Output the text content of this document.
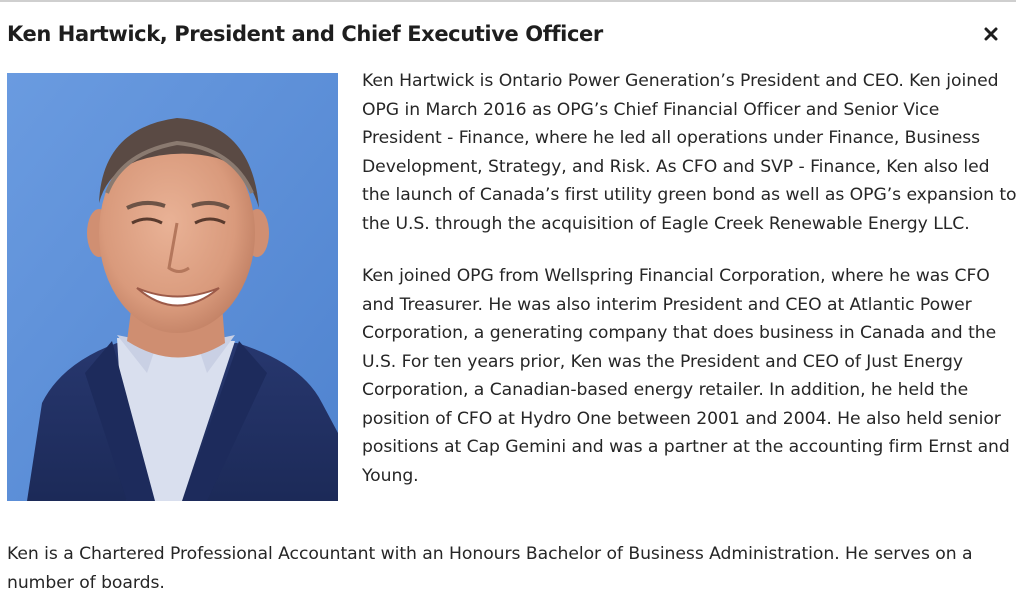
Ken Hartwick, President and Chief Executive Officer

Ken Hartwick is Ontario Power Generation’s President and CEO. Ken joined OPG in March 2016 as OPG’s Chief Financial Officer and Senior Vice President - Finance, where he led all operations under Finance, Business Development, Strategy, and Risk. As CFO and SVP - Finance, Ken also led the launch of Canada’s first utility green bond as well as OPG’s expansion to the U.S. through the acquisition of Eagle Creek Renewable Energy LLC.

Ken joined OPG from Wellspring Financial Corporation, where he was CFO and Treasurer. He was also interim President and CEO at Atlantic Power Corporation, a generating company that does business in Canada and the U.S. For ten years prior, Ken was the President and CEO of Just Energy Corporation, a Canadian-based energy retailer. In addition, he held the position of CFO at Hydro One between 2001 and 2004. He also held senior positions at Cap Gemini and was a partner at the accounting firm Ernst and Young.

Ken is a Chartered Professional Accountant with an Honours Bachelor of Business Administration. He serves on a number of boards.
